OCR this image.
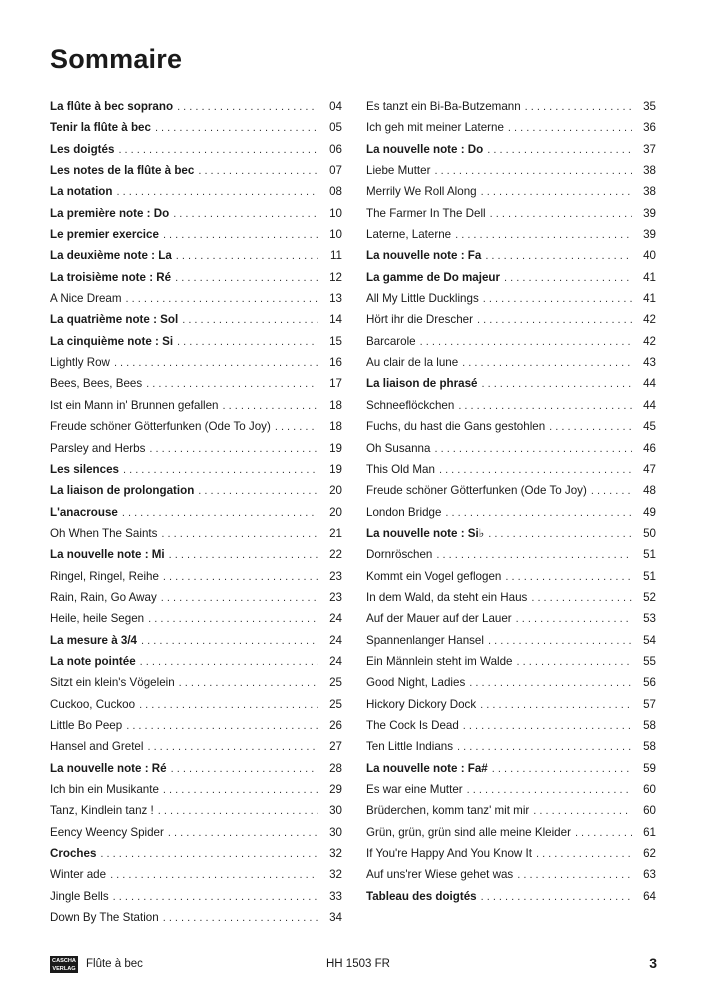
Sommaire
La flûte à bec soprano . . .	04
Tenir la flûte à bec . . .	05
Les doigtés . . .	06
Les notes de la flûte à bec . . .	07
La notation . . .	08
La première note : Do . . .	10
Le premier exercice . . .	10
La deuxième note : La . . .	11
La troisième note : Ré . . .	12
A Nice Dream . . .	13
La quatrième note : Sol . . .	14
La cinquième note : Si . . .	15
Lightly Row . . .	16
Bees, Bees, Bees . . .	17
Ist ein Mann in' Brunnen gefallen . . .	18
Freude schöner Götterfunken (Ode To Joy) . . .	18
Parsley and Herbs . . .	19
Les silences . . .	19
La liaison de prolongation . . .	20
L'anacrouse . . .	20
Oh When The Saints . . .	21
La nouvelle note : Mi . . .	22
Ringel, Ringel, Reihe . . .	23
Rain, Rain, Go Away . . .	23
Heile, heile Segen . . .	24
La mesure à 3/4 . . .	24
La note pointée . . .	24
Sitzt ein klein's Vögelein . . .	25
Cuckoo, Cuckoo . . .	25
Little Bo Peep . . .	26
Hansel and Gretel . . .	27
La nouvelle note : Ré . . .	28
Ich bin ein Musikante . . .	29
Tanz, Kindlein tanz ! . . .	30
Eency Weency Spider . . .	30
Croches . . .	32
Winter ade . . .	32
Jingle Bells . . .	33
Down By The Station . . .	34
Es tanzt ein Bi-Ba-Butzemann . . .	35
Ich geh mit meiner Laterne . . .	36
La nouvelle note : Do . . .	37
Liebe Mutter . . .	38
Merrily We Roll Along . . .	38
The Farmer In The Dell . . .	39
Laterne, Laterne . . .	39
La nouvelle note : Fa . . .	40
La gamme de Do majeur . . .	41
All My Little Ducklings . . .	41
Hört ihr die Drescher . . .	42
Barcarole . . .	42
Au clair de la lune . . .	43
La liaison de phrasé . . .	44
Schneeflöckchen . . .	44
Fuchs, du hast die Gans gestohlen . . .	45
Oh Susanna . . .	46
This Old Man . . .	47
Freude schöner Götterfunken (Ode To Joy) . . .	48
London Bridge . . .	49
La nouvelle note : Si♭ . . .	50
Dornröschen . . .	51
Kommt ein Vogel geflogen . . .	51
In dem Wald, da steht ein Haus . . .	52
Auf der Mauer auf der Lauer . . .	53
Spannenlanger Hansel . . .	54
Ein Männlein steht im Walde . . .	55
Good Night, Ladies . . .	56
Hickory Dickory Dock . . .	57
The Cock Is Dead . . .	58
Ten Little Indians . . .	58
La nouvelle note : Fa# . . .	59
Es war eine Mutter . . .	60
Brüderchen, komm tanz' mit mir . . .	60
Grün, grün, grün sind alle meine Kleider . . .	61
If You're Happy And You Know It . . .	62
Auf uns'rer Wiese gehet was . . .	63
Tableau des doigtés . . .	64
CASCHA
VERLAG Flûte à bec	HH 1503 FR	3
